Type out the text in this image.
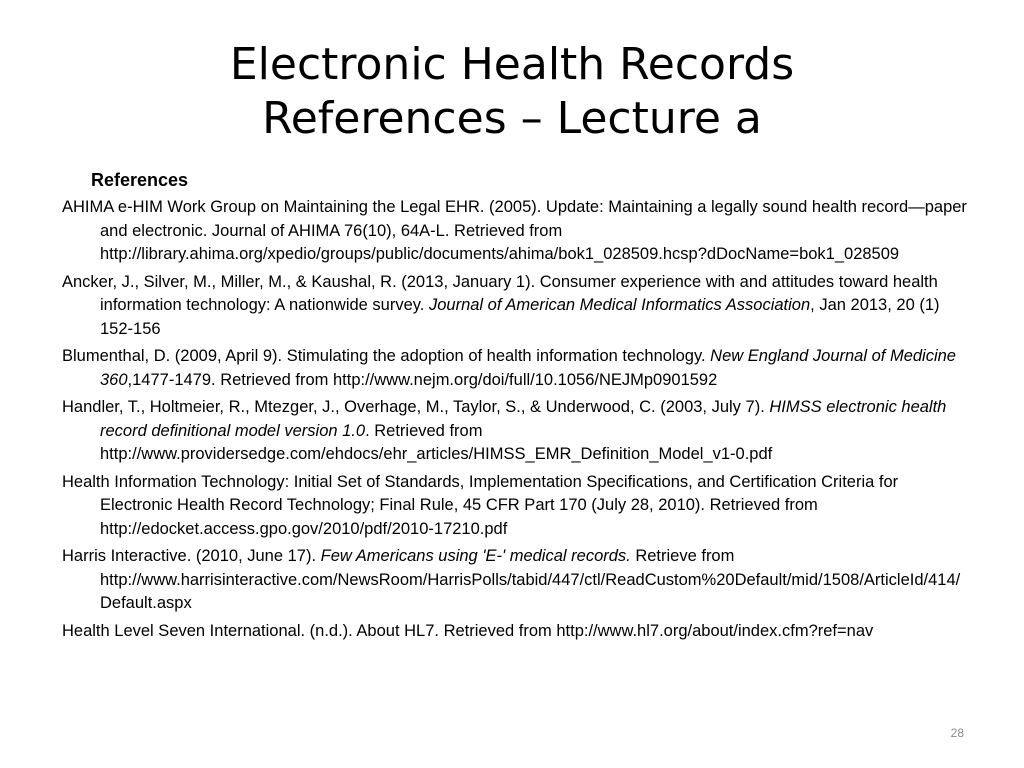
Electronic Health Records
References – Lecture a
References
AHIMA e-HIM Work Group on Maintaining the Legal EHR. (2005). Update: Maintaining a legally sound health record—paper and electronic. Journal of AHIMA 76(10), 64A-L. Retrieved from http://library.ahima.org/xpedio/groups/public/documents/ahima/bok1_028509.hcsp?dDocName=bok1_028509
Ancker, J., Silver, M., Miller, M., & Kaushal, R. (2013, January 1). Consumer experience with and attitudes toward health information technology: A nationwide survey. Journal of American Medical Informatics Association, Jan 2013, 20 (1) 152-156
Blumenthal, D. (2009, April 9). Stimulating the adoption of health information technology. New England Journal of Medicine 360,1477-1479. Retrieved from http://www.nejm.org/doi/full/10.1056/NEJMp0901592
Handler, T., Holtmeier, R., Mtezger, J., Overhage, M., Taylor, S., & Underwood, C. (2003, July 7). HIMSS electronic health record definitional model version 1.0. Retrieved from http://www.providersedge.com/ehdocs/ehr_articles/HIMSS_EMR_Definition_Model_v1-0.pdf
Health Information Technology: Initial Set of Standards, Implementation Specifications, and Certification Criteria for Electronic Health Record Technology; Final Rule, 45 CFR Part 170 (July 28, 2010). Retrieved from http://edocket.access.gpo.gov/2010/pdf/2010-17210.pdf
Harris Interactive. (2010, June 17). Few Americans using 'E-' medical records. Retrieve from http://www.harrisinteractive.com/NewsRoom/HarrisPolls/tabid/447/ctl/ReadCustom%20Default/mid/1508/ArticleId/414/Default.aspx
Health Level Seven International. (n.d.). About HL7. Retrieved from http://www.hl7.org/about/index.cfm?ref=nav
28
